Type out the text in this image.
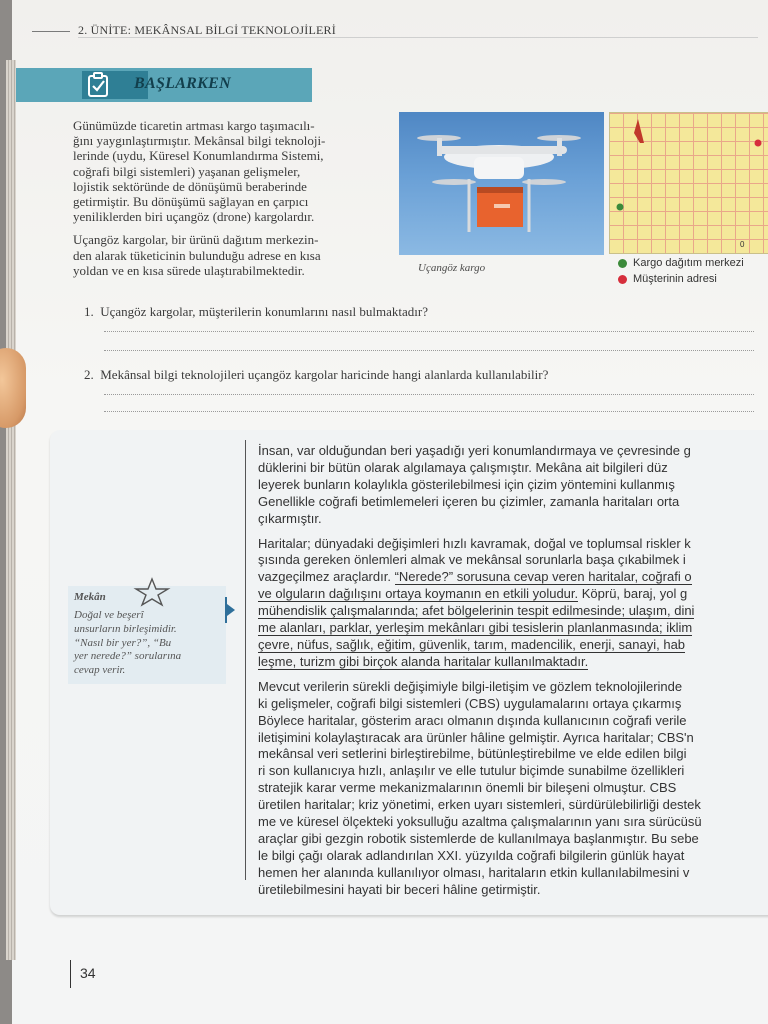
2. ÜNİTE: MEKÂNSAL BİLGİ TEKNOLOJİLERİ
BAŞLARKEN

Günümüzde ticaretin artması kargo taşımacılı-
ğını yaygınlaştırmıştır. Mekânsal bilgi teknoloji-
lerinde (uydu, Küresel Konumlandırma Sistemi,
coğrafi bilgi sistemleri) yaşanan gelişmeler,
lojistik sektöründe de dönüşümü beraberinde
getirmiştir. Bu dönüşümü sağlayan en çarpıcı
yeniliklerden biri uçangöz (drone) kargolardır.

Uçangöz kargolar, bir ürünü dağıtım merkezin-
den alarak tüketicinin bulunduğu adrese en kısa
yoldan ve en kısa sürede ulaştırabilmektedir.	Uçangöz kargo
0
Kargo dağıtım merkezi
Müşterinin adresi
1. Uçangöz kargolar, müşterilerin konumlarını nasıl bulmaktadır?
2. Mekânsal bilgi teknolojileri uçangöz kargolar haricinde hangi alanlarda kullanılabilir?
Mekân
Doğal ve beşerî
unsurların birleşimidir.
“Nasıl bir yer?”, “Bu
yer nerede?” sorularına
cevap verir.
İnsan, var olduğundan beri yaşadığı yeri konumlandırmaya ve çevresinde g
düklerini bir bütün olarak algılamaya çalışmıştır. Mekâna ait bilgileri düz
leyerek bunların kolaylıkla gösterilebilmesi için çizim yöntemini kullanmış
Genellikle coğrafi betimlemeleri içeren bu çizimler, zamanla haritaları orta
çıkarmıştır.
Haritalar; dünyadaki değişimleri hızlı kavramak, doğal ve toplumsal riskler k
şısında gereken önlemleri almak ve mekânsal sorunlarla başa çıkabilmek i
vazgeçilmez araçlardır. “Nerede?” sorusuna cevap veren haritalar, coğrafi o
ve olguların dağılışını ortaya koymanın en etkili yoludur. Köprü, baraj, yol g
mühendislik çalışmalarında; afet bölgelerinin tespit edilmesinde; ulaşım, dini
me alanları, parklar, yerleşim mekânları gibi tesislerin planlanmasında; iklim
çevre, nüfus, sağlık, eğitim, güvenlik, tarım, madencilik, enerji, sanayi, hab
leşme, turizm gibi birçok alanda haritalar kullanılmaktadır.
Mevcut verilerin sürekli değişimiyle bilgi-iletişim ve gözlem teknolojilerinde
ki gelişmeler, coğrafi bilgi sistemleri (CBS) uygulamalarını ortaya çıkarmış
Böylece haritalar, gösterim aracı olmanın dışında kullanıcının coğrafi verile
iletişimini kolaylaştıracak ara ürünler hâline gelmiştir. Ayrıca haritalar; CBS'n
mekânsal veri setlerini birleştirebilme, bütünleştirebilme ve elde edilen bilgi
ri son kullanıcıya hızlı, anlaşılır ve elle tutulur biçimde sunabilme özellikleri
stratejik karar verme mekanizmalarının önemli bir bileşeni olmuştur. CBS
üretilen haritalar; kriz yönetimi, erken uyarı sistemleri, sürdürülebilirliği destek
me ve küresel ölçekteki yoksulluğu azaltma çalışmalarının yanı sıra sürücüsü
araçlar gibi gezgin robotik sistemlerde de kullanılmaya başlanmıştır. Bu sebe
le bilgi çağı olarak adlandırılan XXI. yüzyılda coğrafi bilgilerin günlük hayat
hemen her alanında kullanılıyor olması, haritaların etkin kullanılabilmesini v
üretilebilmesini hayati bir beceri hâline getirmiştir.
34
